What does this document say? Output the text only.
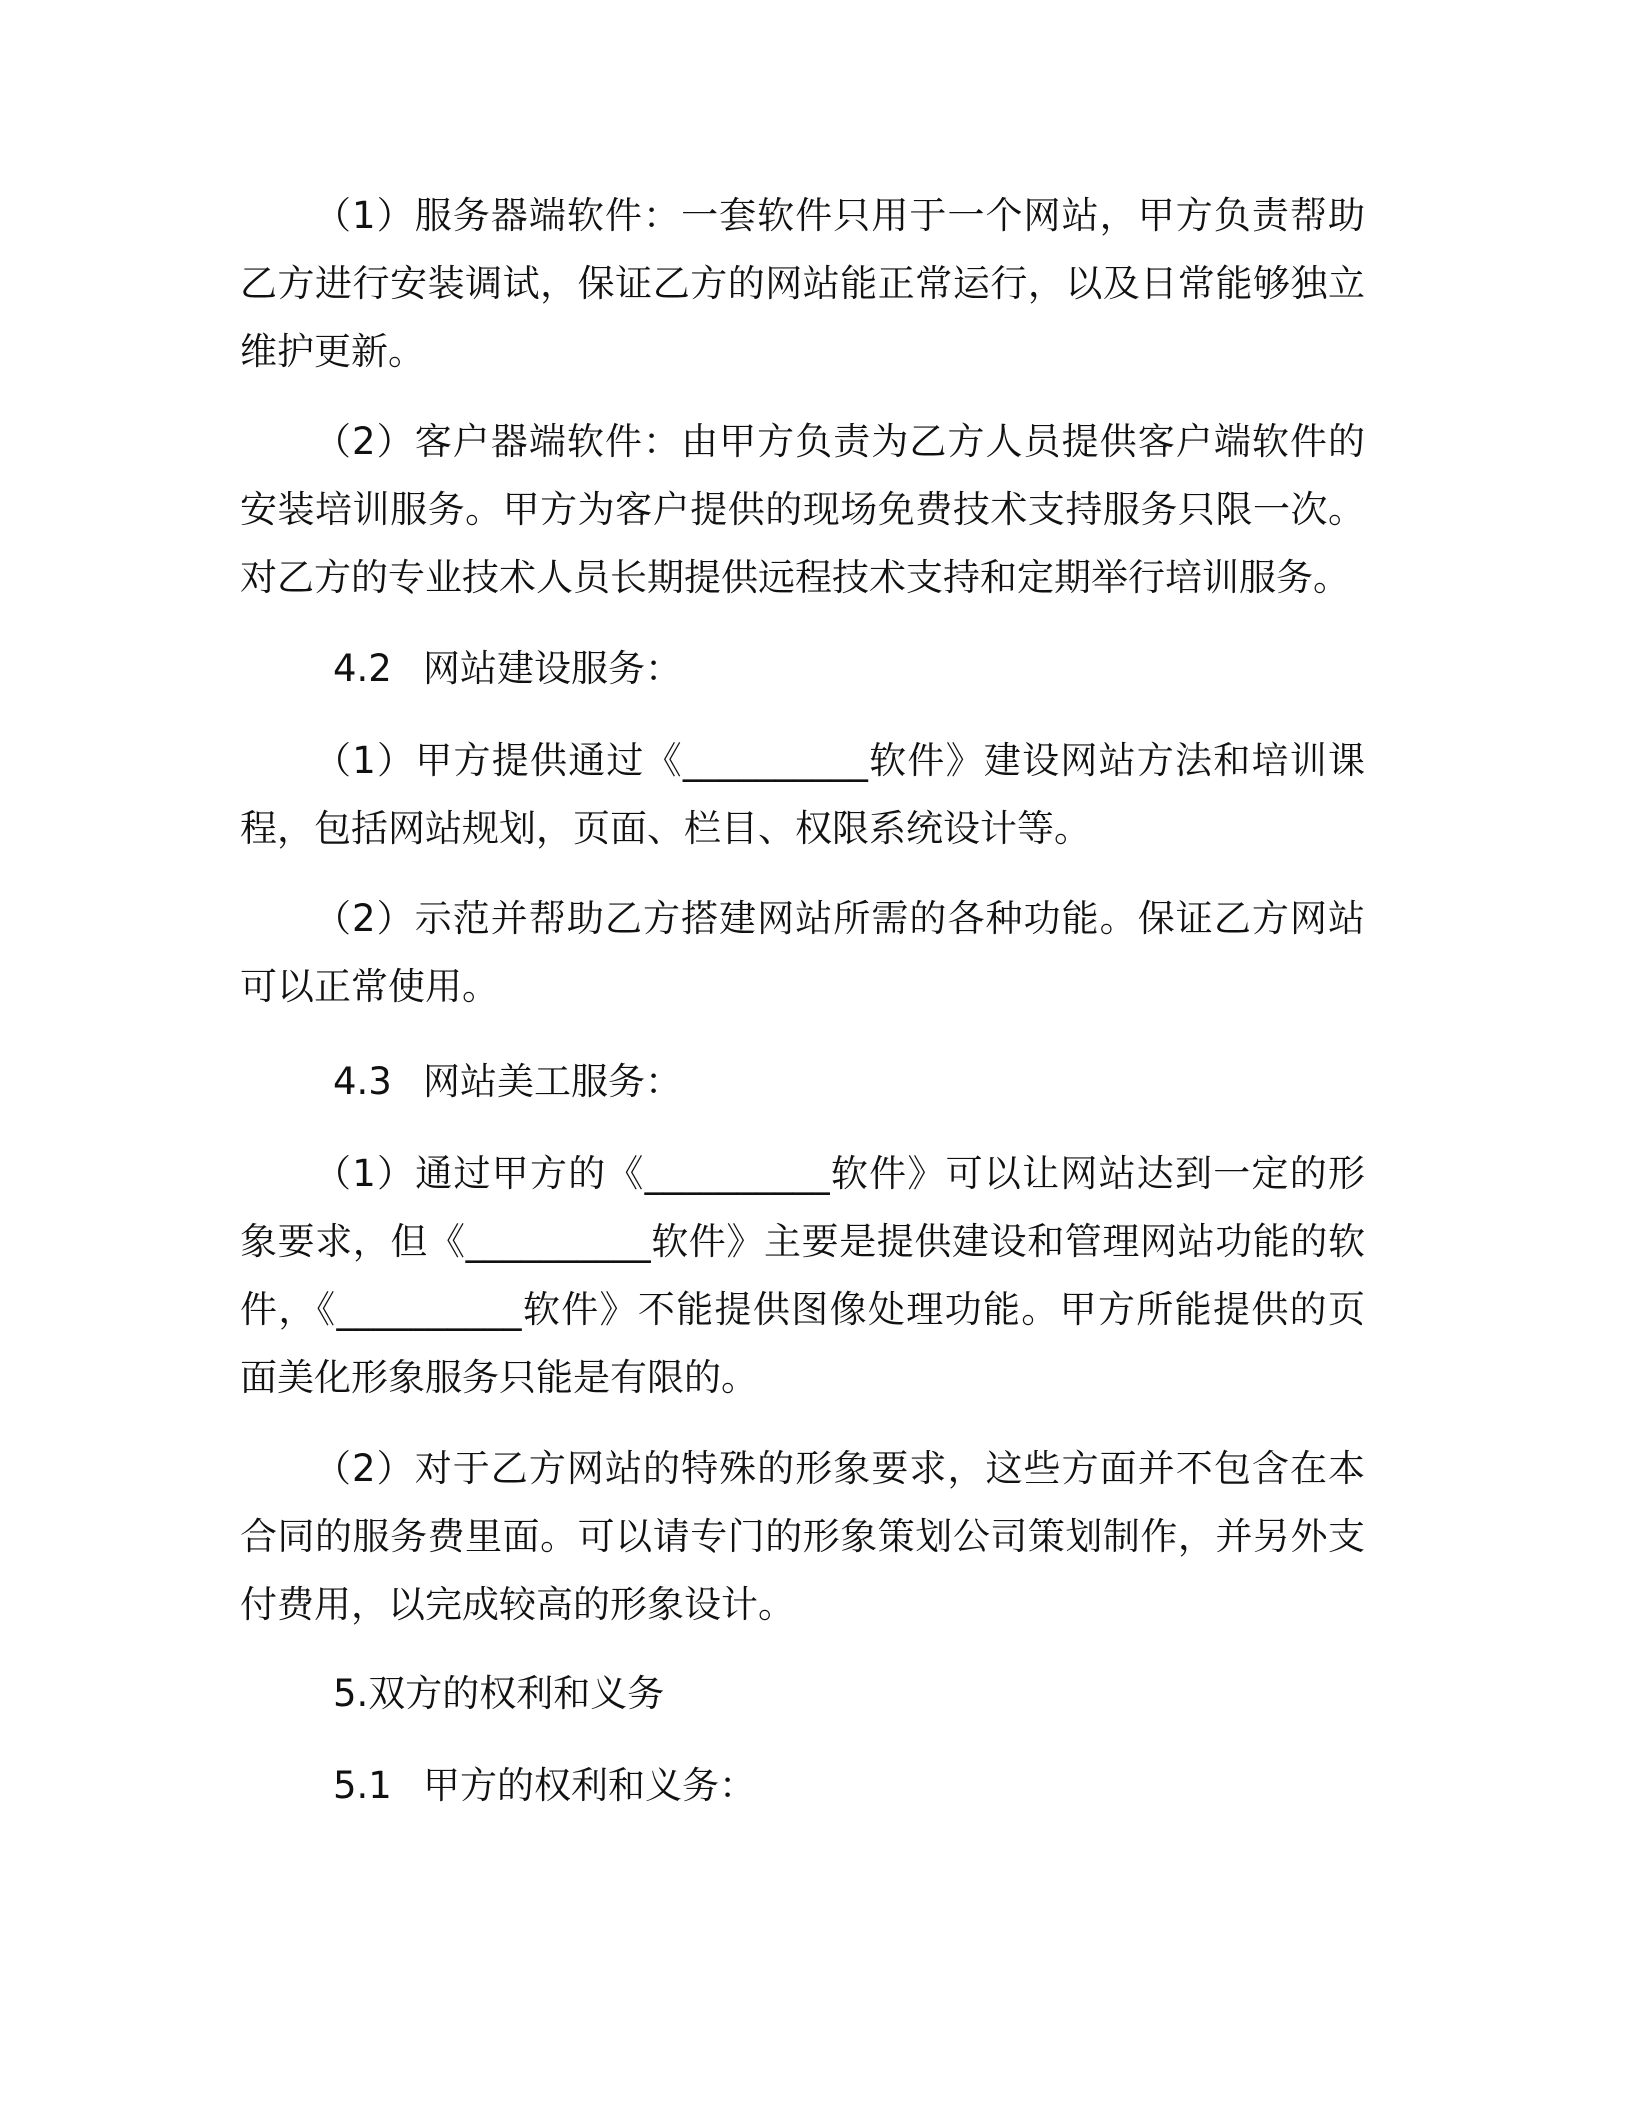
（1）服务器端软件：一套软件只用于一个网站，甲方负责帮助乙方进行安装调试，保证乙方的网站能正常运行，以及日常能够独立维护更新。

（2）客户器端软件：由甲方负责为乙方人员提供客户端软件的安装培训服务。甲方为客户提供的现场免费技术支持服务只限一次。对乙方的专业技术人员长期提供远程技术支持和定期举行培训服务。

4.2 网站建设服务：

（1）甲方提供通过《__________软件》建设网站方法和培训课程，包括网站规划，页面、栏目、权限系统设计等。

（2）示范并帮助乙方搭建网站所需的各种功能。保证乙方网站可以正常使用。

4.3 网站美工服务：

（1）通过甲方的《__________软件》可以让网站达到一定的形象要求，但《__________软件》主要是提供建设和管理网站功能的软件，《__________软件》不能提供图像处理功能。甲方所能提供的页面美化形象服务只能是有限的。

（2）对于乙方网站的特殊的形象要求，这些方面并不包含在本合同的服务费里面。可以请专门的形象策划公司策划制作，并另外支付费用，以完成较高的形象设计。

5.双方的权利和义务
5.1 甲方的权利和义务：
